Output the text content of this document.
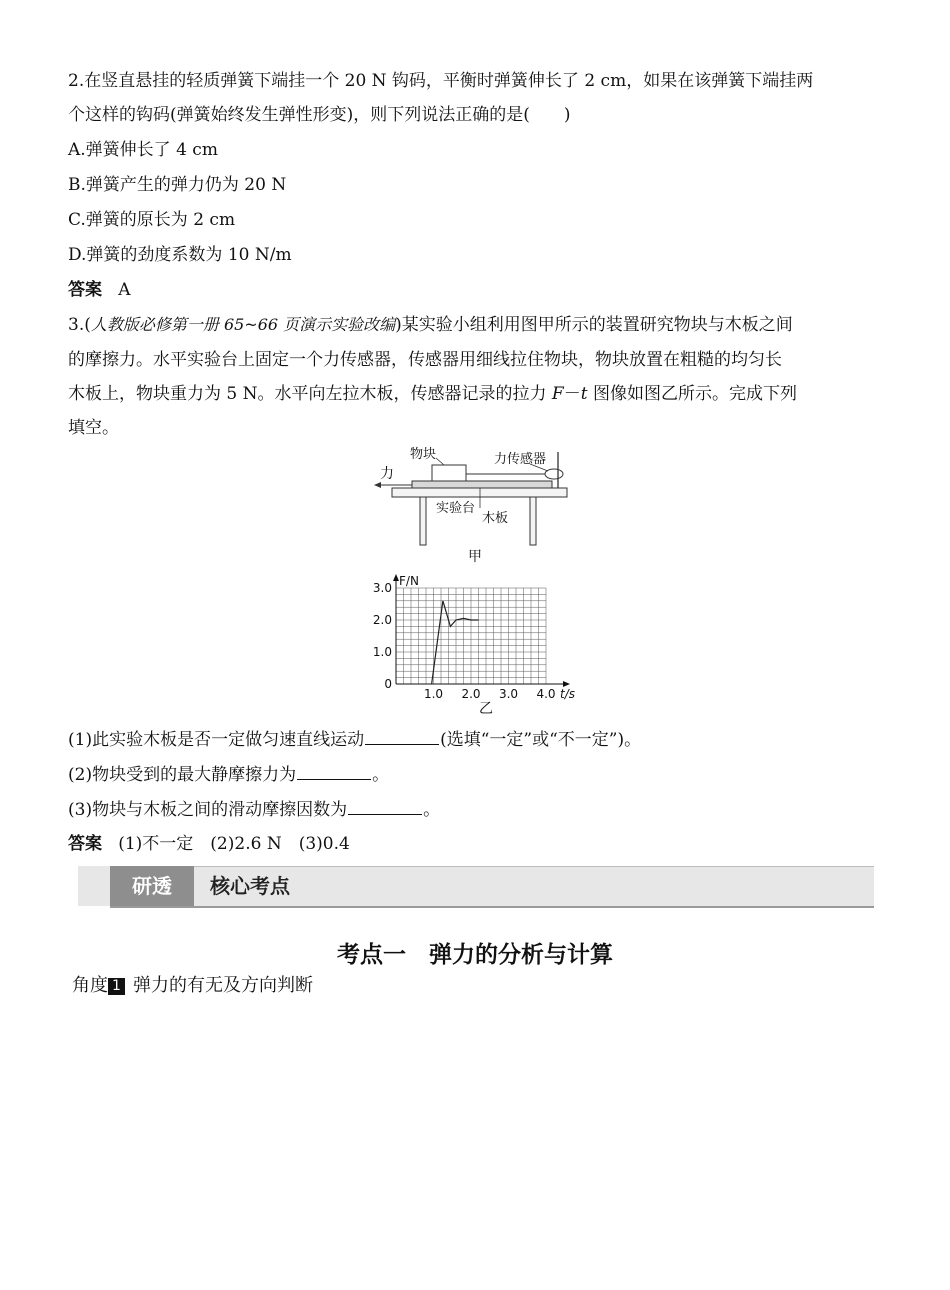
2.在竖直悬挂的轻质弹簧下端挂一个 20 N 钩码，平衡时弹簧伸长了 2 cm，如果在该弹簧下端挂两
个这样的钩码(弹簧始终发生弹性形变)，则下列说法正确的是( )
A.弹簧伸长了 4 cm
B.弹簧产生的弹力仍为 20 N
C.弹簧的原长为 2 cm
D.弹簧的劲度系数为 10 N/m
答案 A
3.(人教版必修第一册 65~66 页演示实验改编)某实验小组利用图甲所示的装置研究物块与木板之间
的摩擦力。水平实验台上固定一个力传感器，传感器用细线拉住物块，物块放置在粗糙的均匀长
木板上，物块重力为 5 N。水平向左拉木板，传感器记录的拉力 F－t 图像如图乙所示。完成下列
填空。
物块	力传感器
力
实验台
木板
甲
F/N
t/s
0
1.0
2.0
3.0
1.0 2.0 3.0 4.0
乙
(1)此实验木板是否一定做匀速直线运动	(选填“一定”或“不一定”)。
(2)物块受到的最大静摩擦力为	。
(3)物块与木板之间的滑动摩擦因数为	。
答案 (1)不一定　(2)2.6 N　(3)0.4
研透	核心考点
考点一　弹力的分析与计算
角度 1 弹力的有无及方向判断
